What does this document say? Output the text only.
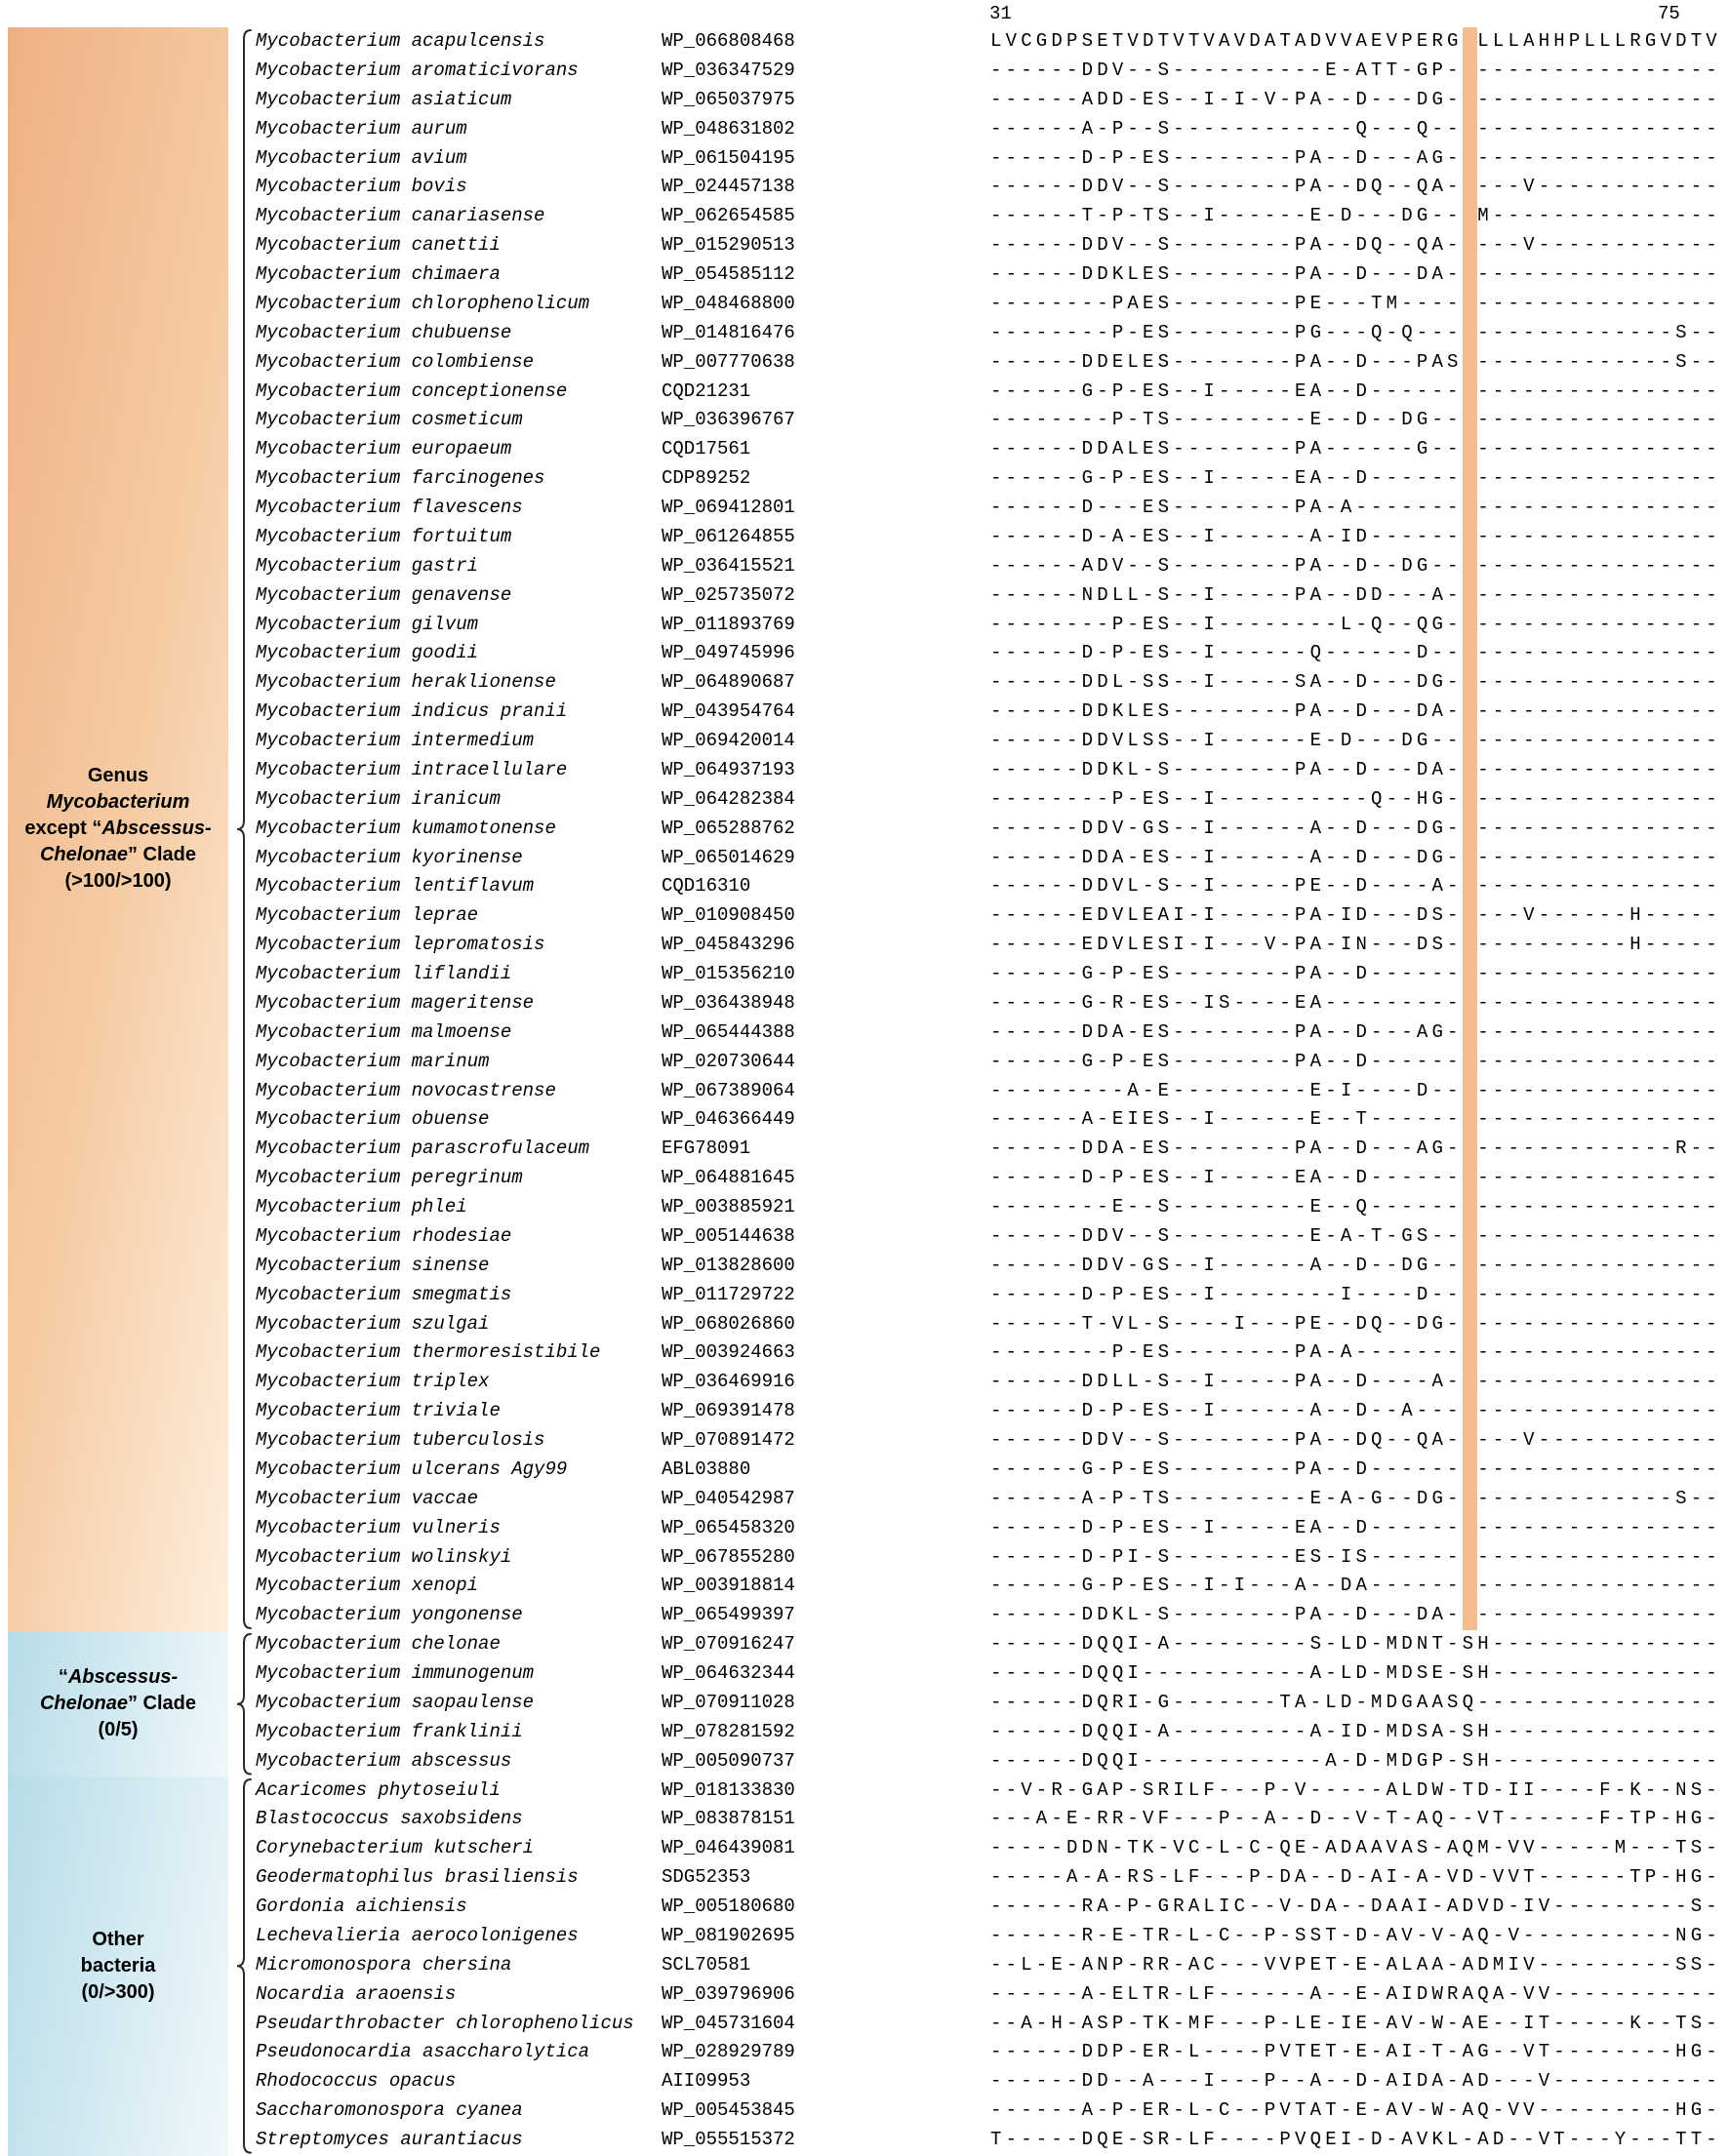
31	75
Genus
Mycobacterium
except “Abscessus-
Chelonae” Clade
(>100/>100)
“Abscessus-
Chelonae” Clade
(0/5)
Other
bacteria
(0/>300)
Mycobacterium acapulcensis	WP_066808468	LVCGDPSETVDTVTVAVDATADVVAEVPERG LLLAHHPLLLRGVDTV
Mycobacterium aromaticivorans	WP_036347529	------DDV--S----------E-ATT-GP- ----------------
Mycobacterium asiaticum	WP_065037975	------ADD-ES--I-I-V-PA--D---DG- ----------------
Mycobacterium aurum	WP_048631802	------A-P--S------------Q---Q-- ----------------
Mycobacterium avium	WP_061504195	------D-P-ES--------PA--D---AG- ----------------
Mycobacterium bovis	WP_024457138	------DDV--S--------PA--DQ--QA- ---V------------
Mycobacterium canariasense	WP_062654585	------T-P-TS--I------E-D---DG-- M---------------
Mycobacterium canettii	WP_015290513	------DDV--S--------PA--DQ--QA- ---V------------
Mycobacterium chimaera	WP_054585112	------DDKLES--------PA--D---DA- ----------------
Mycobacterium chlorophenolicum	WP_048468800	--------PAES--------PE---TM---- ----------------
Mycobacterium chubuense	WP_014816476	--------P-ES--------PG---Q-Q--- -------------S--
Mycobacterium colombiense	WP_007770638	------DDELES--------PA--D---PAS -------------S--
Mycobacterium conceptionense	CQD21231	------G-P-ES--I-----EA--D------ ----------------
Mycobacterium cosmeticum	WP_036396767	--------P-TS---------E--D--DG-- ----------------
Mycobacterium europaeum	CQD17561	------DDALES--------PA------G-- ----------------
Mycobacterium farcinogenes	CDP89252	------G-P-ES--I-----EA--D------ ----------------
Mycobacterium flavescens	WP_069412801	------D---ES--------PA-A------- ----------------
Mycobacterium fortuitum	WP_061264855	------D-A-ES--I------A-ID------ ----------------
Mycobacterium gastri	WP_036415521	------ADV--S--------PA--D--DG-- ----------------
Mycobacterium genavense	WP_025735072	------NDLL-S--I-----PA--DD---A- ----------------
Mycobacterium gilvum	WP_011893769	--------P-ES--I--------L-Q--QG- ----------------
Mycobacterium goodii	WP_049745996	------D-P-ES--I------Q------D-- ----------------
Mycobacterium heraklionense	WP_064890687	------DDL-SS--I-----SA--D---DG- ----------------
Mycobacterium indicus pranii	WP_043954764	------DDKLES--------PA--D---DA- ----------------
Mycobacterium intermedium	WP_069420014	------DDVLSS--I------E-D---DG-- ----------------
Mycobacterium intracellulare	WP_064937193	------DDKL-S--------PA--D---DA- ----------------
Mycobacterium iranicum	WP_064282384	--------P-ES--I----------Q--HG- ----------------
Mycobacterium kumamotonense	WP_065288762	------DDV-GS--I------A--D---DG- ----------------
Mycobacterium kyorinense	WP_065014629	------DDA-ES--I------A--D---DG- ----------------
Mycobacterium lentiflavum	CQD16310	------DDVL-S--I-----PE--D----A- ----------------
Mycobacterium leprae	WP_010908450	------EDVLEAI-I-----PA-ID---DS- ---V------H-----
Mycobacterium lepromatosis	WP_045843296	------EDVLESI-I---V-PA-IN---DS- ----------H-----
Mycobacterium liflandii	WP_015356210	------G-P-ES--------PA--D------ ----------------
Mycobacterium mageritense	WP_036438948	------G-R-ES--IS----EA--------- ----------------
Mycobacterium malmoense	WP_065444388	------DDA-ES--------PA--D---AG- ----------------
Mycobacterium marinum	WP_020730644	------G-P-ES--------PA--D------ ----------------
Mycobacterium novocastrense	WP_067389064	---------A-E---------E-I----D-- ----------------
Mycobacterium obuense	WP_046366449	------A-EIES--I------E--T------ ----------------
Mycobacterium parascrofulaceum	EFG78091	------DDA-ES--------PA--D---AG- -------------R--
Mycobacterium peregrinum	WP_064881645	------D-P-ES--I-----EA--D------ ----------------
Mycobacterium phlei	WP_003885921	--------E--S---------E--Q------ ----------------
Mycobacterium rhodesiae	WP_005144638	------DDV--S---------E-A-T-GS-- ----------------
Mycobacterium sinense	WP_013828600	------DDV-GS--I------A--D--DG-- ----------------
Mycobacterium smegmatis	WP_011729722	------D-P-ES--I--------I----D-- ----------------
Mycobacterium szulgai	WP_068026860	------T-VL-S----I---PE--DQ--DG- ----------------
Mycobacterium thermoresistibile	WP_003924663	--------P-ES--------PA-A------- ----------------
Mycobacterium triplex	WP_036469916	------DDLL-S--I-----PA--D----A- ----------------
Mycobacterium triviale	WP_069391478	------D-P-ES--I------A--D--A--- ----------------
Mycobacterium tuberculosis	WP_070891472	------DDV--S--------PA--DQ--QA- ---V------------
Mycobacterium ulcerans Agy99	ABL03880	------G-P-ES--------PA--D------ ----------------
Mycobacterium vaccae	WP_040542987	------A-P-TS---------E-A-G--DG- -------------S--
Mycobacterium vulneris	WP_065458320	------D-P-ES--I-----EA--D------ ----------------
Mycobacterium wolinskyi	WP_067855280	------D-PI-S--------ES-IS------ ----------------
Mycobacterium xenopi	WP_003918814	------G-P-ES--I-I---A--DA------ ----------------
Mycobacterium yongonense	WP_065499397	------DDKL-S--------PA--D---DA- ----------------
Mycobacterium chelonae	WP_070916247	------DQQI-A---------S-LD-MDNT-SH---------------
Mycobacterium immunogenum	WP_064632344	------DQQI-----------A-LD-MDSE-SH---------------
Mycobacterium saopaulense	WP_070911028	------DQRI-G-------TA-LD-MDGAASQ----------------
Mycobacterium franklinii	WP_078281592	------DQQI-A---------A-ID-MDSA-SH---------------
Mycobacterium abscessus	WP_005090737	------DQQI------------A-D-MDGP-SH---------------
Acaricomes phytoseiuli	WP_018133830	--V-R-GAP-SRILF---P-V-----ALDW-TD-II----F-K--NS-
Blastococcus saxobsidens	WP_083878151	---A-E-RR-VF---P--A--D--V-T-AQ--VT------F-TP-HG-
Corynebacterium kutscheri	WP_046439081	-----DDN-TK-VC-L-C-QE-ADAAVAS-AQM-VV-----M---TS-
Geodermatophilus brasiliensis	SDG52353	-----A-A-RS-LF---P-DA--D-AI-A-VD-VVT------TP-HG-
Gordonia aichiensis	WP_005180680	------RA-P-GRALIC--V-DA--DAAI-ADVD-IV---------S-
Lechevalieria aerocolonigenes	WP_081902695	------R-E-TR-L-C--P-SST-D-AV-V-AQ-V----------NG-
Micromonospora chersina	SCL70581	--L-E-ANP-RR-AC---VVPET-E-ALAA-ADMIV---------SS-
Nocardia araoensis	WP_039796906	------A-ELTR-LF------A--E-AIDWRAQA-VV-----------
Pseudarthrobacter chlorophenolicus WP_045731604	--A-H-ASP-TK-MF---P-LE-IE-AV-W-AE--IT-----K--TS-
Pseudonocardia asaccharolytica	WP_028929789	------DDP-ER-L----PVTET-E-AI-T-AG--VT--------HG-
Rhodococcus opacus	AII09953	------DD--A---I---P--A--D-AIDA-AD---V-----------
Saccharomonospora cyanea	WP_005453845	------A-P-ER-L-C--PVTAT-E-AV-W-AQ-VV---------HG-
Streptomyces aurantiacus	WP_055515372	T-----DQE-SR-LF----PVQEI-D-AVKL-AD--VT---Y---TT-
